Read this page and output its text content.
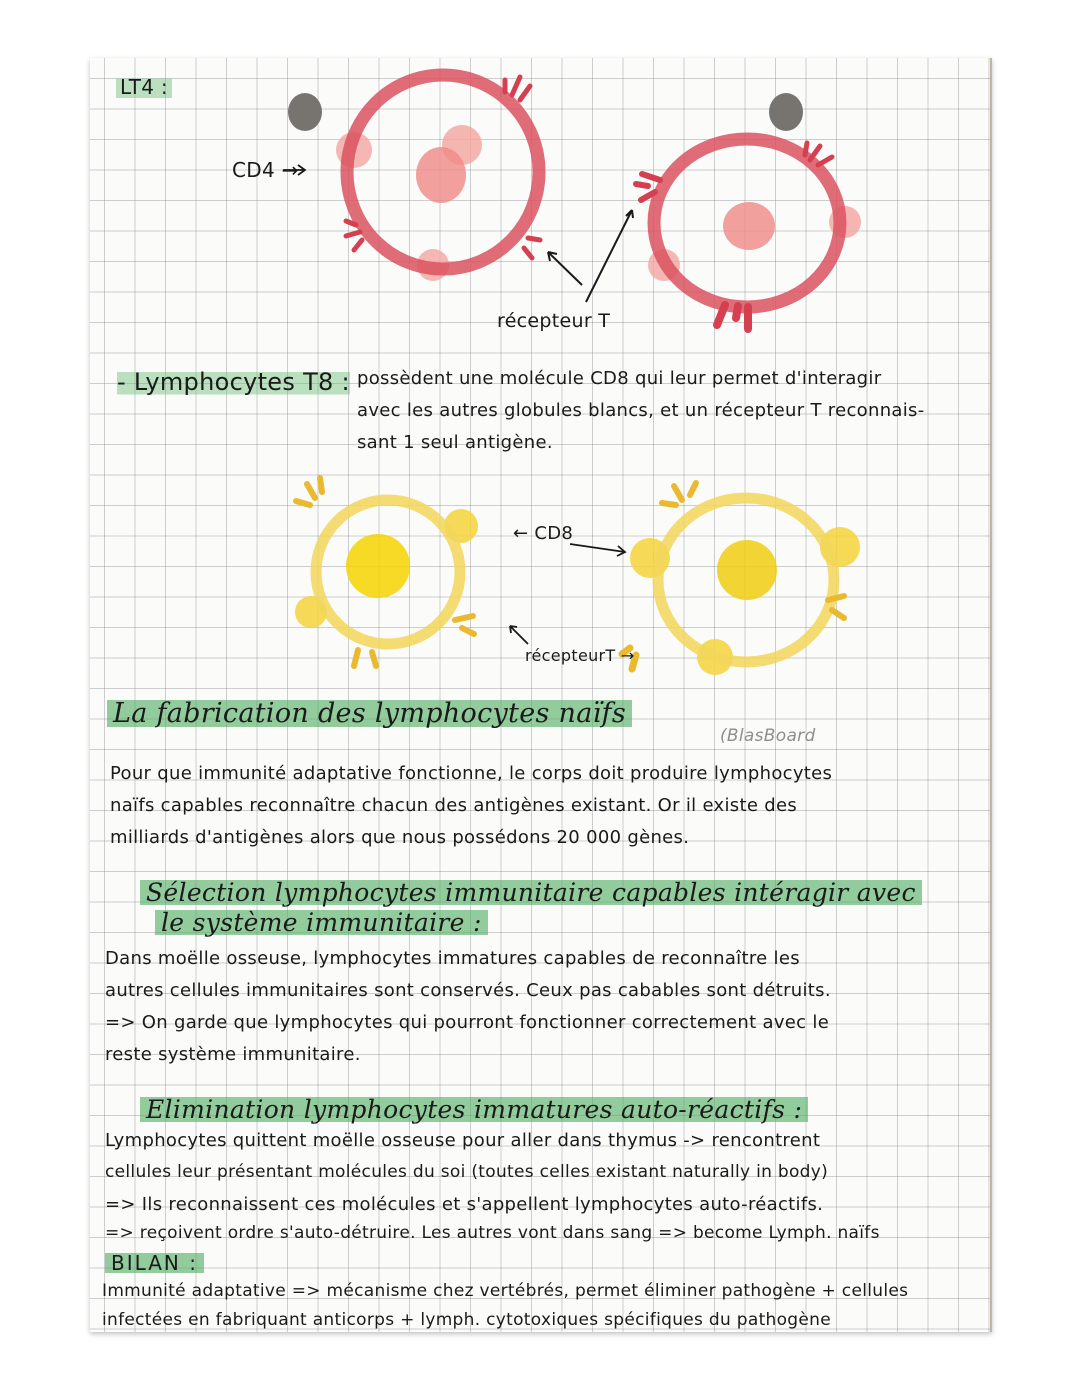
LT4 :
CD4 →
récepteur T
- Lymphocytes T8 : possèdent une molécule CD8 qui leur permet d'interagir
avec les autres globules blancs, et un récepteur T reconnais-
sant 1 seul antigène.
← CD8
récepteurT →
La fabrication des lymphocytes naïfs
(BlasBoard
Pour que immunité adaptative fonctionne, le corps doit produire lymphocytes
naïfs capables reconnaître chacun des antigènes existant. Or il existe des
milliards d'antigènes alors que nous possédons 20 000 gènes.
Sélection lymphocytes immunitaire capables intéragir avec
le système immunitaire :
Dans moëlle osseuse, lymphocytes immatures capables de reconnaître les
autres cellules immunitaires sont conservés. Ceux pas cabables sont détruits.
=> On garde que lymphocytes qui pourront fonctionner correctement avec le
reste système immunitaire.
Elimination lymphocytes immatures auto-réactifs :
Lymphocytes quittent moëlle osseuse pour aller dans thymus -> rencontrent
cellules leur présentant molécules du soi (toutes celles existant naturally in body)
=> Ils reconnaissent ces molécules et s'appellent lymphocytes auto-réactifs.
=> reçoivent ordre s'auto-détruire. Les autres vont dans sang => become Lymph. naïfs
BILAN :
Immunité adaptative => mécanisme chez vertébrés, permet éliminer pathogène + cellules
infectées en fabriquant anticorps + lymph. cytotoxiques spécifiques du pathogène
